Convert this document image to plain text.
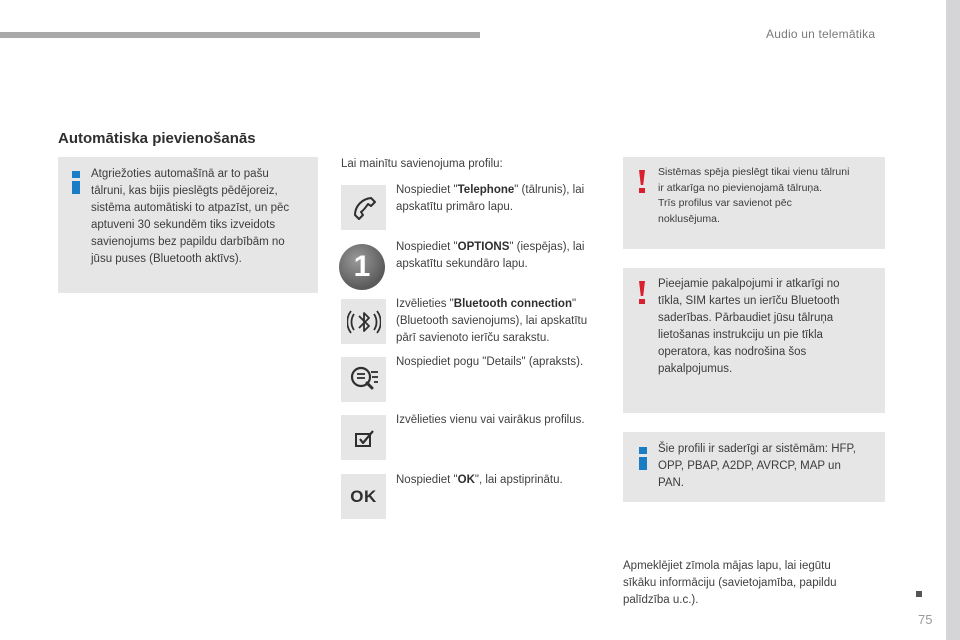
Audio un telemātika
Automātiska pievienošanās
Atgriežoties automašīnā ar to pašu
tālruni, kas bijis pieslēgts pēdējoreiz,
sistēma automātiski to atpazīst, un pēc
aptuveni 30 sekundēm tiks izveidots
savienojums bez papildu darbībām no
jūsu puses (Bluetooth aktīvs).
Lai mainītu savienojuma profilu:
1
Nospiediet "Telephone" (tālrunis), lai
apskatītu primāro lapu.
Nospiediet "OPTIONS" (iespējas), lai
apskatītu sekundāro lapu.
Izvēlieties "Bluetooth connection"
(Bluetooth savienojums), lai apskatītu
pārī savienoto ierīču sarakstu.
Nospiediet pogu "Details" (apraksts).
Izvēlieties vienu vai vairākus profilus.
OK
Nospiediet "OK", lai apstiprinātu.
Sistēmas spēja pieslēgt tikai vienu tālruni
ir atkarīga no pievienojamā tālruņa.
Trīs profilus var savienot pēc
noklusējuma.
Pieejamie pakalpojumi ir atkarīgi no
tīkla, SIM kartes un ierīču Bluetooth
saderības. Pārbaudiet jūsu tālruņa
lietošanas instrukciju un pie tīkla
operatora, kas nodrošina šos
pakalpojumus.
Šie profili ir saderīgi ar sistēmām: HFP,
OPP, PBAP, A2DP, AVRCP, MAP un
PAN.
Apmeklējiet zīmola mājas lapu, lai iegūtu
sīkāku informāciju (savietojamība, papildu
palīdzība u.c.).
75
